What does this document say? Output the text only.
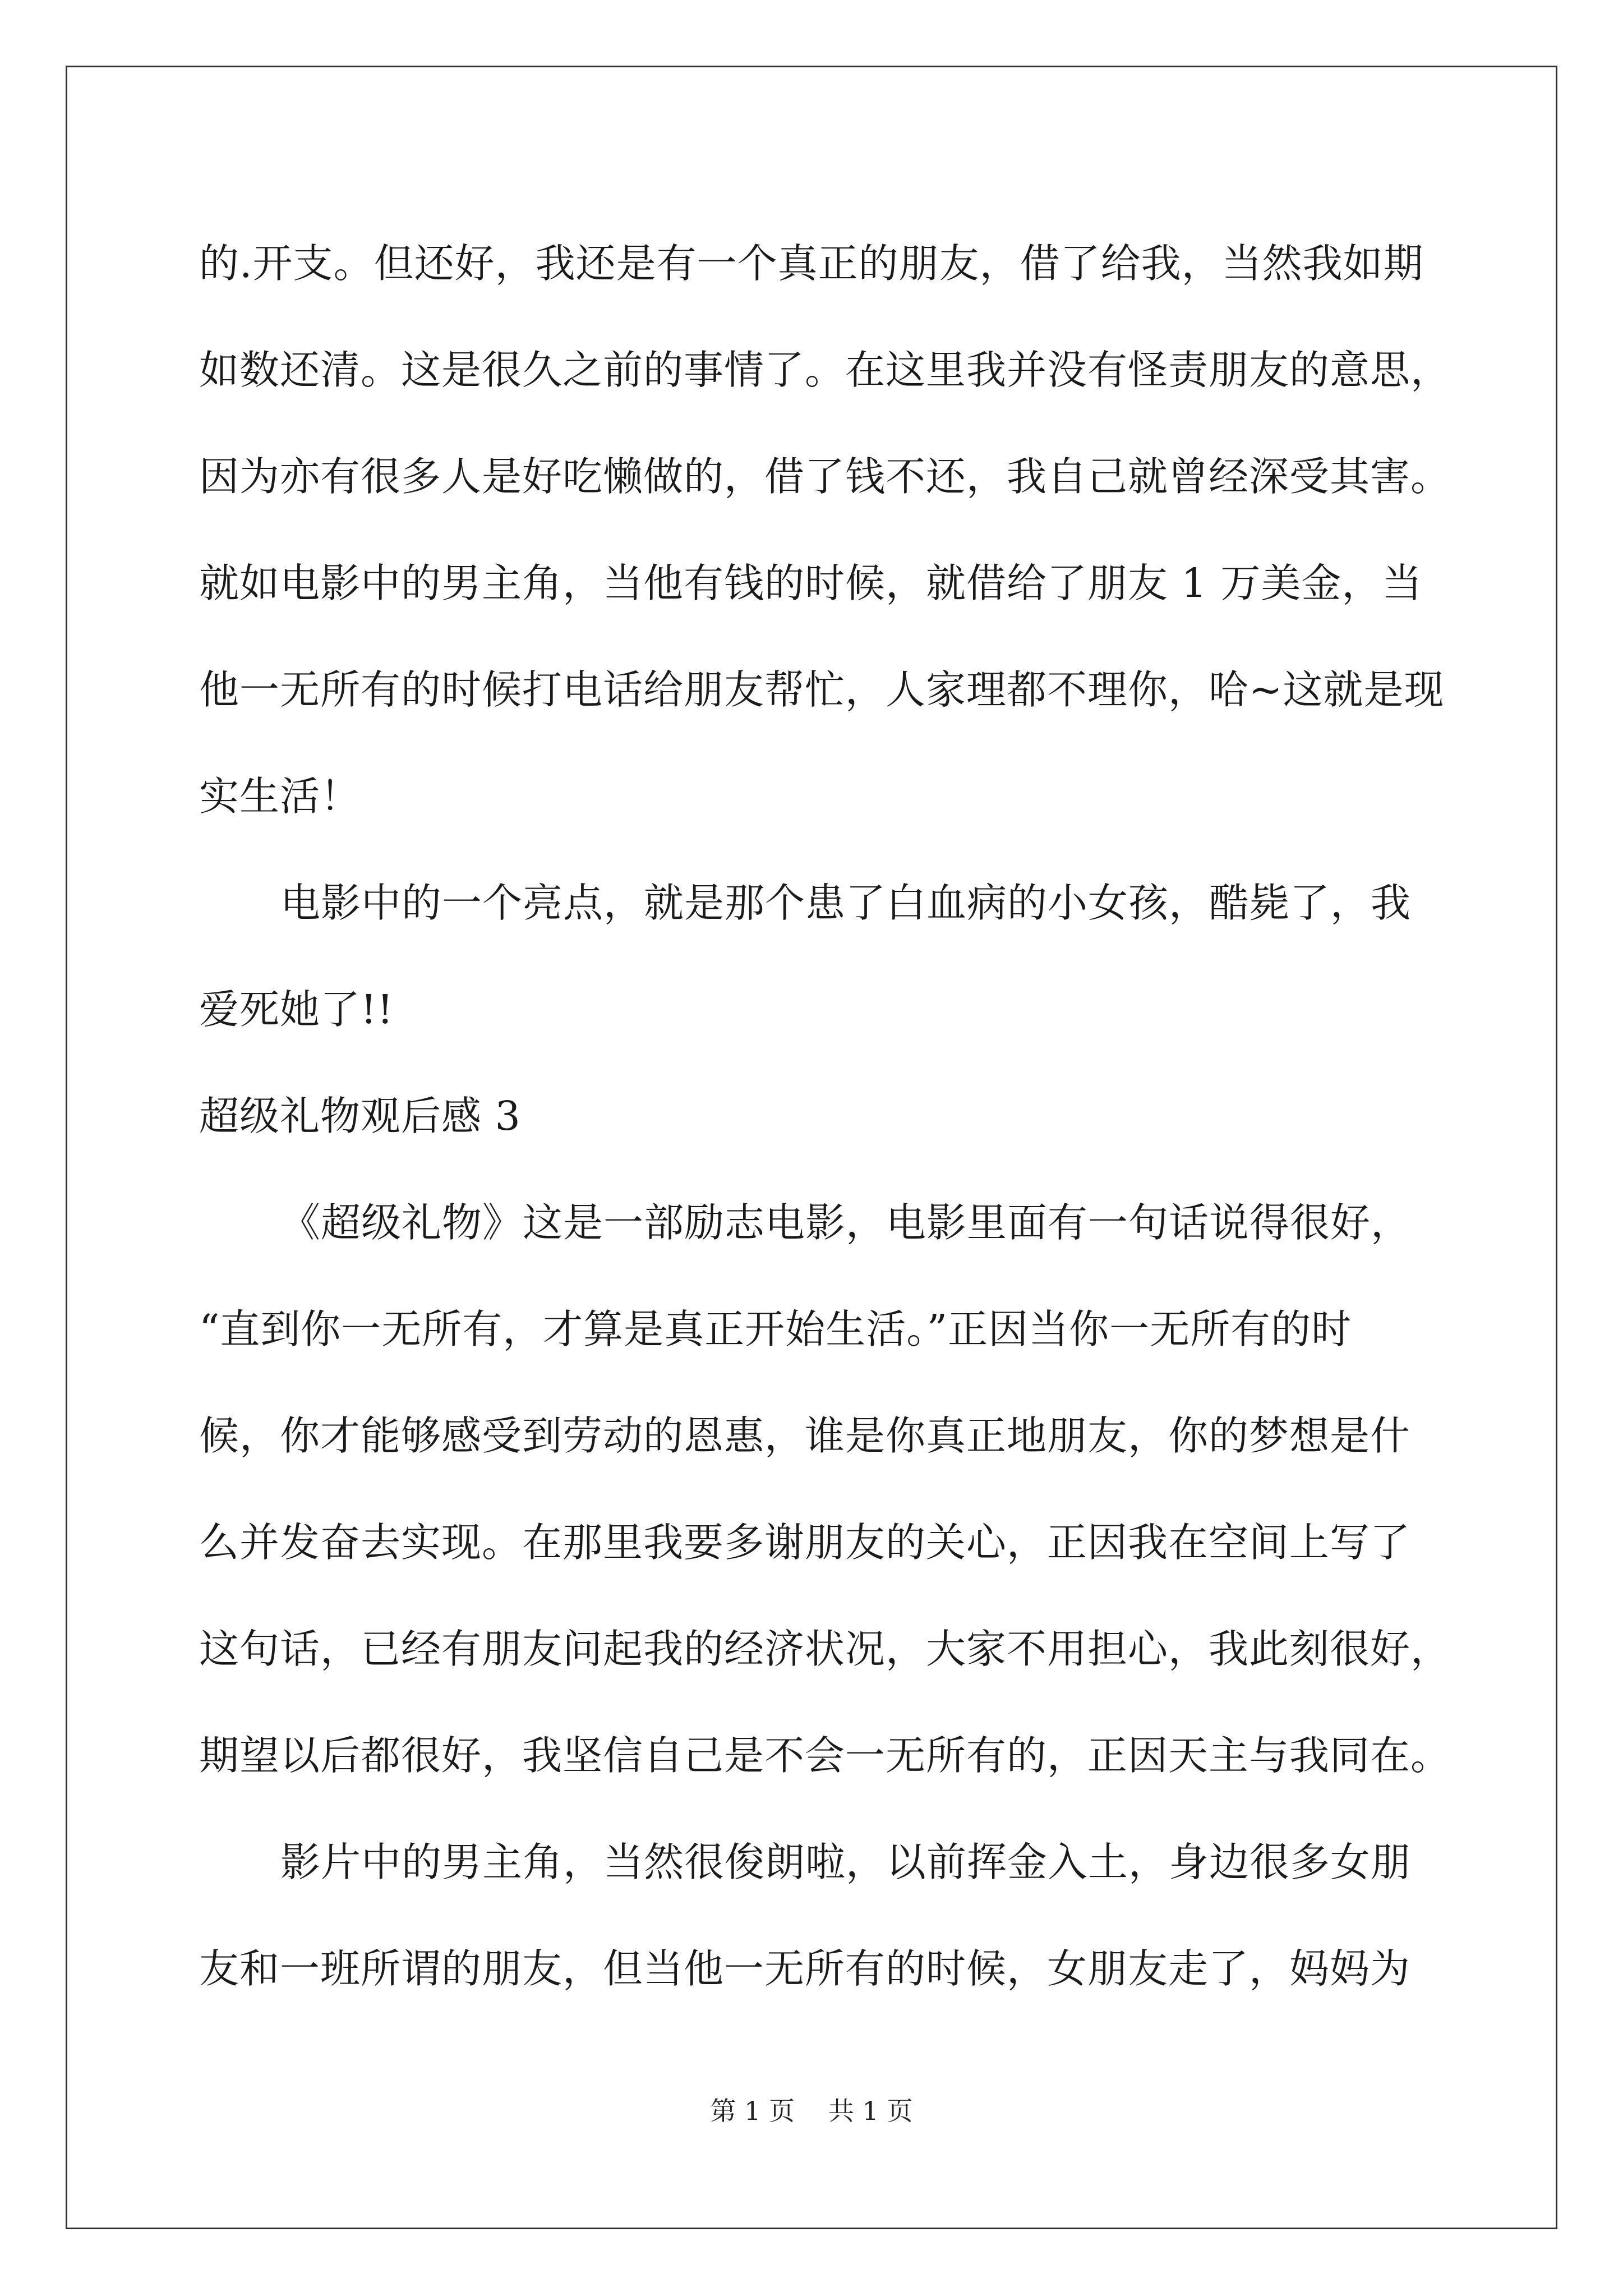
的.开支。但还好，我还是有一个真正的朋友，借了给我，当然我如期
如数还清。这是很久之前的事情了。在这里我并没有怪责朋友的意思，
因为亦有很多人是好吃懒做的，借了钱不还，我自己就曾经深受其害。
就如电影中的男主角，当他有钱的时候，就借给了朋友 1 万美金，当
他一无所有的时候打电话给朋友帮忙，人家理都不理你，哈~这就是现
实生活！
电影中的一个亮点，就是那个患了白血病的小女孩，酷毙了，我
爱死她了!!
超级礼物观后感 3
《超级礼物》这是一部励志电影，电影里面有一句话说得很好，
“直到你一无所有，才算是真正开始生活。”正因当你一无所有的时
候，你才能够感受到劳动的恩惠，谁是你真正地朋友，你的梦想是什
么并发奋去实现。在那里我要多谢朋友的关心，正因我在空间上写了
这句话，已经有朋友问起我的经济状况，大家不用担心，我此刻很好，
期望以后都很好，我坚信自己是不会一无所有的，正因天主与我同在。
影片中的男主角，当然很俊朗啦，以前挥金入土，身边很多女朋
友和一班所谓的朋友，但当他一无所有的时候，女朋友走了，妈妈为
第 1 页 共 1 页
